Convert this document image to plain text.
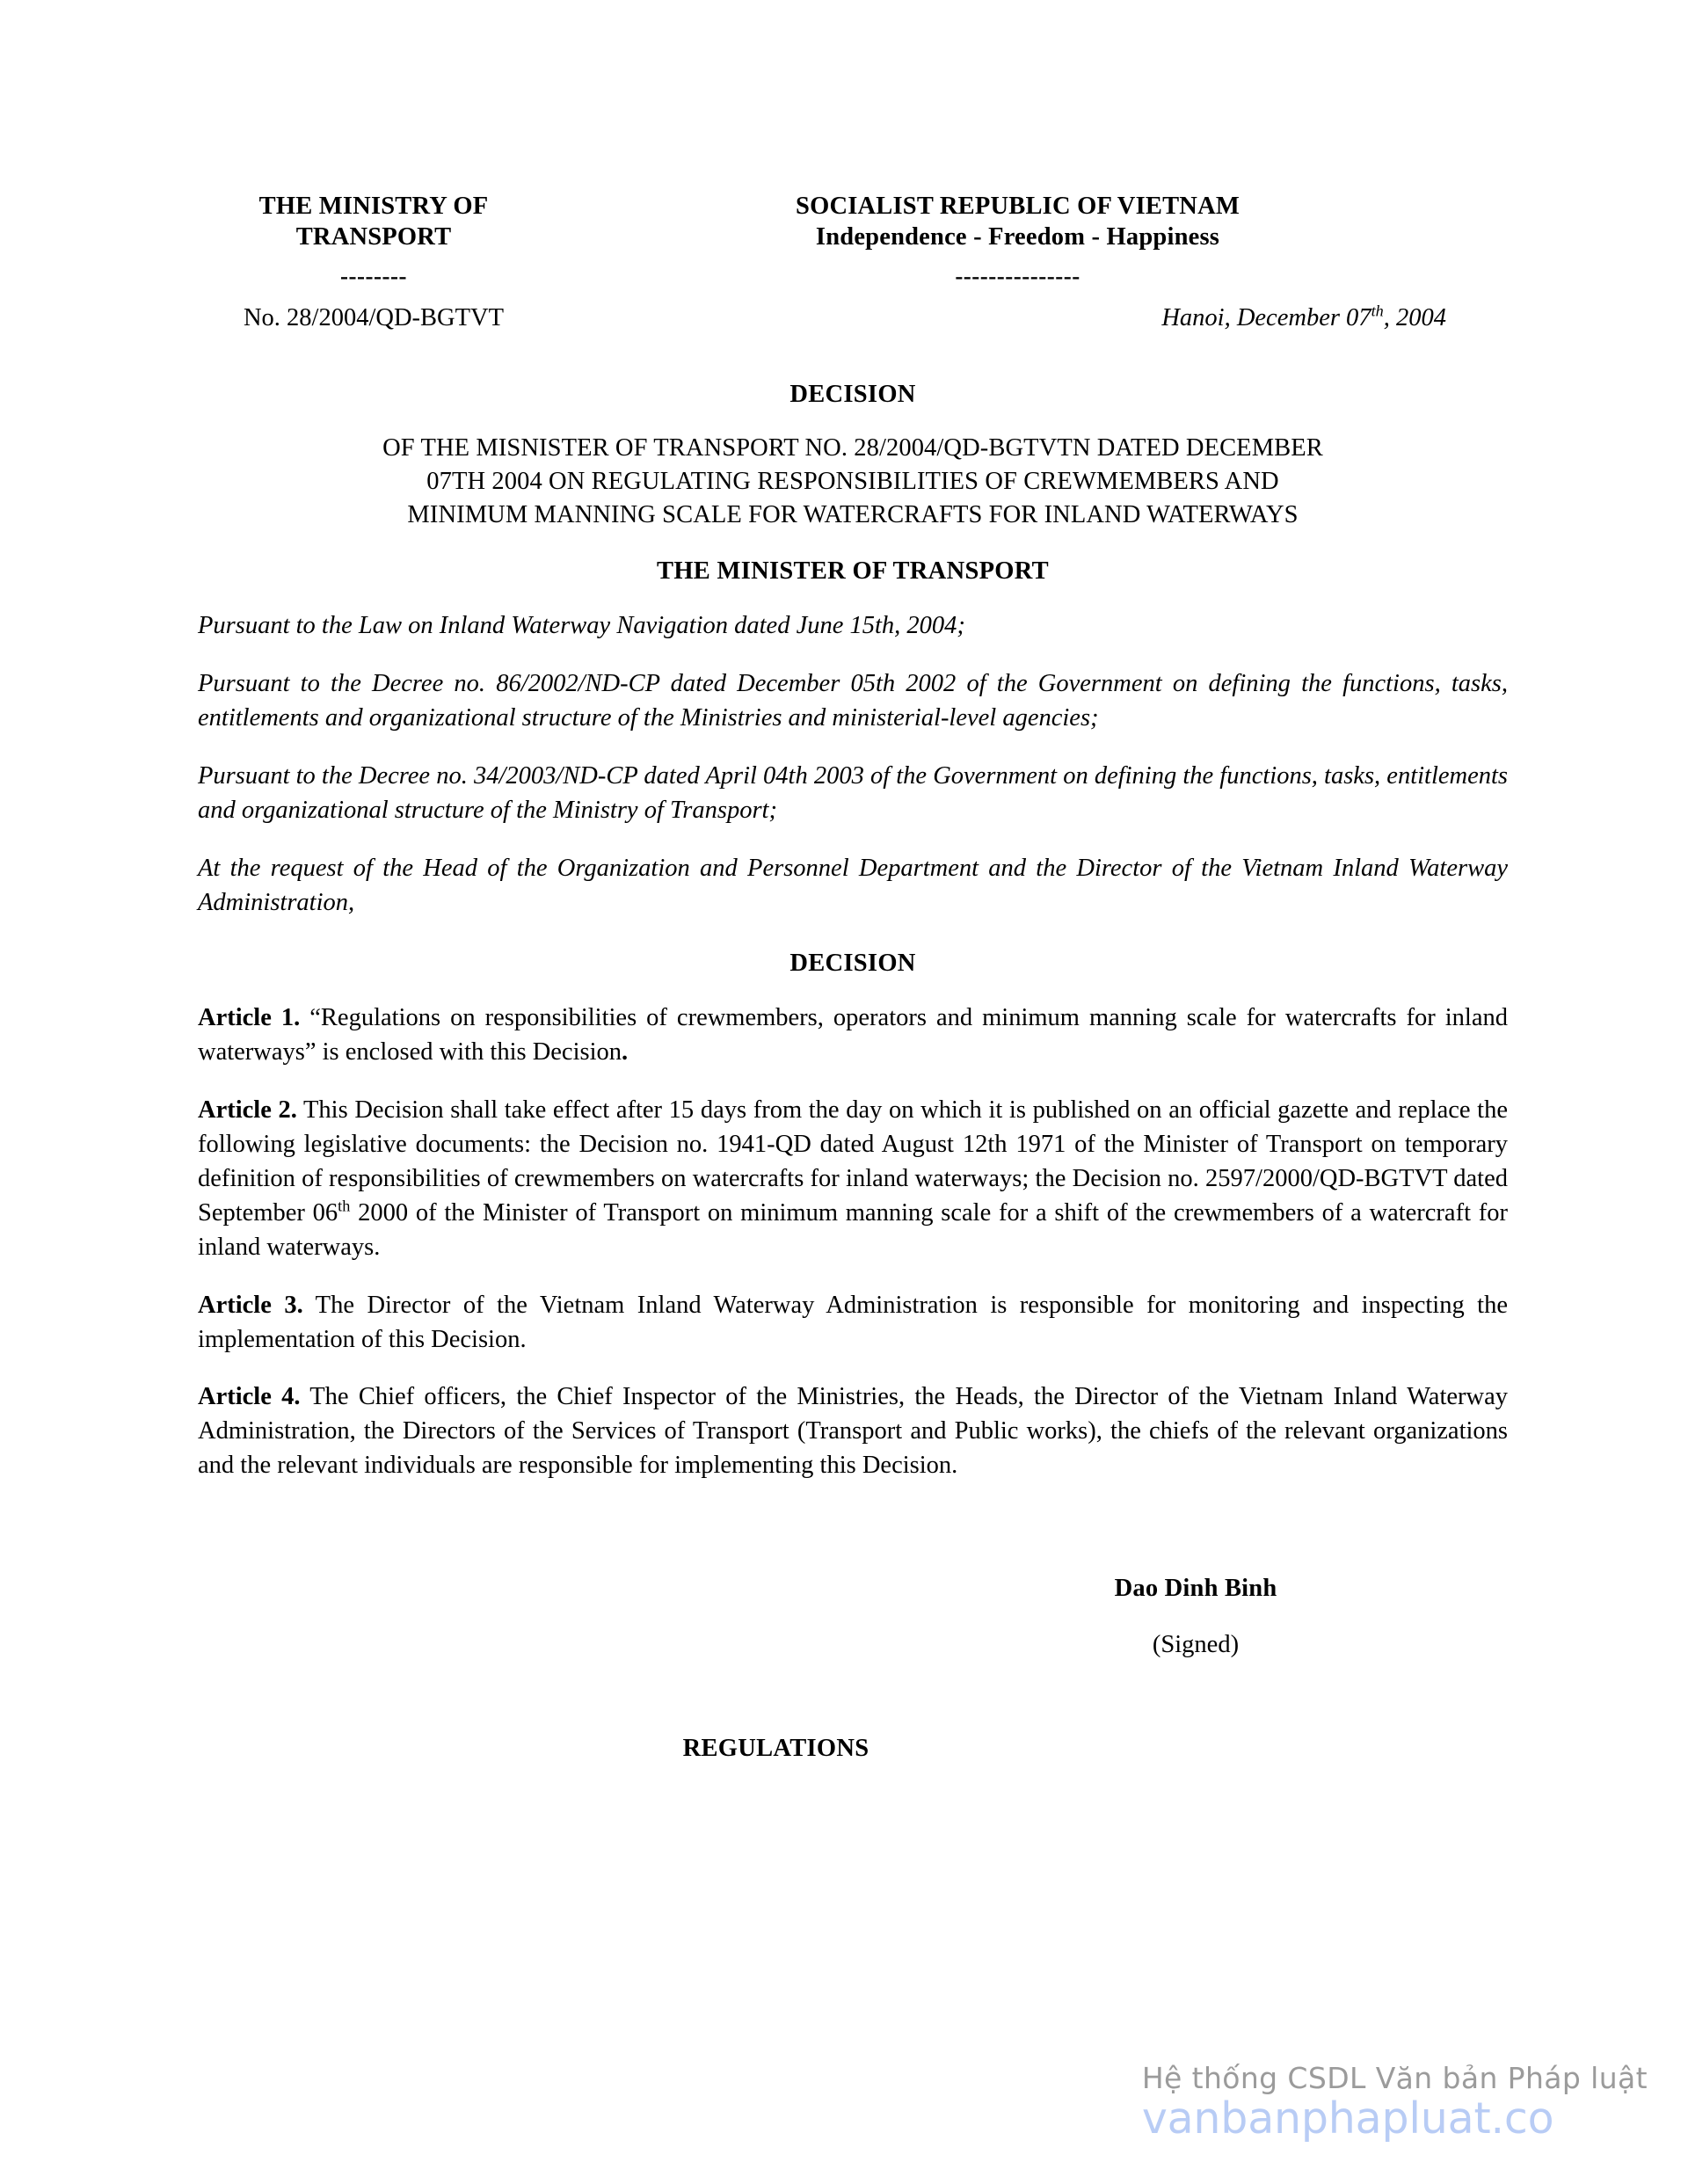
THE MINISTRY OF
TRANSPORT
--------
No. 28/2004/QD-BGTVT
SOCIALIST REPUBLIC OF VIETNAM
Independence - Freedom - Happiness
---------------
Hanoi, December 07th, 2004
DECISION
OF THE MISNISTER OF TRANSPORT NO. 28/2004/QD-BGTVTN DATED DECEMBER
07TH 2004 ON REGULATING RESPONSIBILITIES OF CREWMEMBERS AND
MINIMUM MANNING SCALE FOR WATERCRAFTS FOR INLAND WATERWAYS
THE MINISTER OF TRANSPORT
Pursuant to the Law on Inland Waterway Navigation dated June 15th, 2004;
Pursuant to the Decree no. 86/2002/ND-CP dated December 05th 2002 of the Government on defining the functions, tasks, entitlements and organizational structure of the Ministries and ministerial-level agencies;
Pursuant to the Decree no. 34/2003/ND-CP dated April 04th 2003 of the Government on defining the functions, tasks, entitlements and organizational structure of the Ministry of Transport;
At the request of the Head of the Organization and Personnel Department and the Director of the Vietnam Inland Waterway Administration,
DECISION
Article 1. “Regulations on responsibilities of crewmembers, operators and minimum manning scale for watercrafts for inland waterways” is enclosed with this Decision.
Article 2. This Decision shall take effect after 15 days from the day on which it is published on an official gazette and replace the following legislative documents: the Decision no. 1941-QD dated August 12th 1971 of the Minister of Transport on temporary definition of responsibilities of crewmembers on watercrafts for inland waterways; the Decision no. 2597/2000/QD-BGTVT dated September 06th 2000 of the Minister of Transport on minimum manning scale for a shift of the crewmembers of a watercraft for inland waterways.
Article 3. The Director of the Vietnam Inland Waterway Administration is responsible for monitoring and inspecting the implementation of this Decision.
Article 4. The Chief officers, the Chief Inspector of the Ministries, the Heads, the Director of the Vietnam Inland Waterway Administration, the Directors of the Services of Transport (Transport and Public works), the chiefs of the relevant organizations and the relevant individuals are responsible for implementing this Decision.
Dao Dinh Binh
(Signed)
REGULATIONS
Hệ thống CSDL Văn bản Pháp luật
vanbanphapluat.co
